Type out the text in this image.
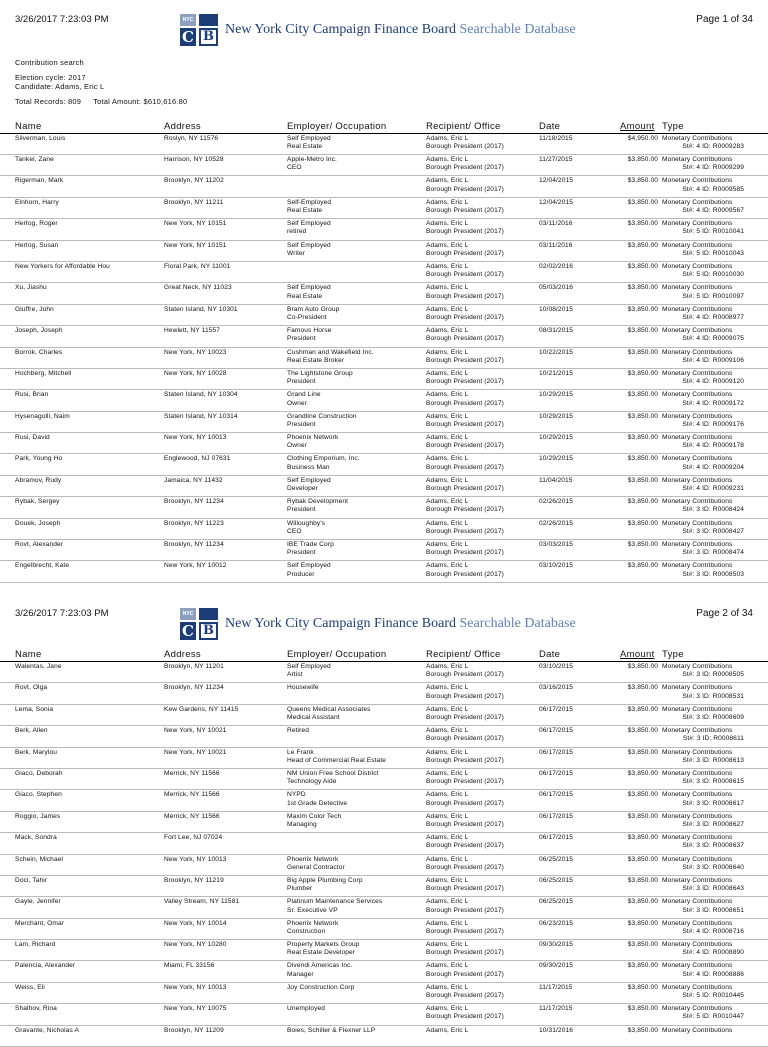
3/26/2017 7:23:03 PM	NYC
C B New York City Campaign Finance Board Searchable Database
Page 1 of 34
Contribution search
Election cycle: 2017
Candidate: Adams, Eric L
Total Records: 809 Total Amount: $610,616.80
Name	Address	Employer/ Occupation	Recipient/ Office	Date	Amount Type
Silverman, Louis	Roslyn, NY 11576	Self Employed
Real Estate
Adams, Eric L
Borough President (2017)
11/18/2015	$4,950.00 Monetary Contributions
St#: 4 ID: R0009283
Tankel, Zane	Harrison, NY 10528	Apple-Metro Inc.
CEO
Adams, Eric L
Borough President (2017)
11/27/2015	$3,850.00 Monetary Contributions
St#: 4 ID: R0009299
Rigerman, Mark	Brooklyn, NY 11202	Adams, Eric L
Borough President (2017)
12/04/2015	$3,850.00 Monetary Contributions
St#: 4 ID: R0009585
Einhorn, Harry	Brooklyn, NY 11211	Self-Employed
Real Estate
Adams, Eric L
Borough President (2017)
12/04/2015	$3,850.00 Monetary Contributions
St#: 4 ID: R0009567
Hertog, Roger	New York, NY 10151	Self Employed
retired
Adams, Eric L
Borough President (2017)
03/11/2016	$3,850.00 Monetary Contributions
St#: 5 ID: R0010041
Hertog, Susan	New York, NY 10151	Self Employed
Writer
Adams, Eric L
Borough President (2017)
03/11/2016	$3,850.00 Monetary Contributions
St#: 5 ID: R0010043
New Yorkers for Affordable Hou	Floral Park, NY 11001	Adams, Eric L
Borough President (2017)
02/02/2016	$3,850.00 Monetary Contributions
St#: 5 ID: R0010030
Xu, Jiashu	Great Neck, NY 11023	Self Employed
Real Estate
Adams, Eric L
Borough President (2017)
05/03/2016	$3,850.00 Monetary Contributions
St#: 5 ID: R0010097
Giuffre, John	Staten Island, NY 10301	Bram Auto Group
Co-President
Adams, Eric L
Borough President (2017)
10/08/2015	$3,850.00 Monetary Contributions
St#: 4 ID: R0008977
Joseph, Joseph	Hewlett, NY 11557	Famous Horse
President
Adams, Eric L
Borough President (2017)
08/31/2015	$3,850.00 Monetary Contributions
St#: 4 ID: R0009075
Borrok, Charles	New York, NY 10023	Cushman and Wakefield Inc.
Real Estate Broker
Adams, Eric L
Borough President (2017)
10/22/2015	$3,850.00 Monetary Contributions
St#: 4 ID: R0009106
Hochberg, Mitchell	New York, NY 10028	The Lightstone Group
President
Adams, Eric L
Borough President (2017)
10/21/2015	$3,850.00 Monetary Contributions
St#: 4 ID: R0009120
Rusi, Brian	Staten Island, NY 10304	Grand Line
Owner
Adams, Eric L
Borough President (2017)
10/29/2015	$3,850.00 Monetary Contributions
St#: 4 ID: R0009172
Hysenagolli, Naim	Staten Island, NY 10314	Grandline Construction
President
Adams, Eric L
Borough President (2017)
10/29/2015	$3,850.00 Monetary Contributions
St#: 4 ID: R0009176
Rusi, David	New York, NY 10013	Phoenix Network
Owner
Adams, Eric L
Borough President (2017)
10/29/2015	$3,850.00 Monetary Contributions
St#: 4 ID: R0009178
Park, Young Ho	Englewood, NJ 07631	Clothing Emporium, Inc.
Business Man
Adams, Eric L
Borough President (2017)
10/29/2015	$3,850.00 Monetary Contributions
St#: 4 ID: R0009204
Abramov, Rudy	Jamaica, NY 11432	Self Employed
Developer
Adams, Eric L
Borough President (2017)
11/04/2015	$3,850.00 Monetary Contributions
St#: 4 ID: R0009231
Rybak, Sergey	Brooklyn, NY 11234	Rybak Development
President
Adams, Eric L
Borough President (2017)
02/26/2015	$3,850.00 Monetary Contributions
St#: 3 ID: R0008424
Douek, Joseph	Brooklyn, NY 11223	Willoughby's
CEO
Adams, Eric L
Borough President (2017)
02/26/2015	$3,850.00 Monetary Contributions
St#: 3 ID: R0008427
Rovt, Alexander	Brooklyn, NY 11234	IBE Trade Corp
President
Adams, Eric L
Borough President (2017)
03/03/2015	$3,850.00 Monetary Contributions
St#: 3 ID: R0008474
Engelbrecht, Kate	New York, NY 10012	Self Employed
Producer
Adams, Eric L
Borough President (2017)
03/10/2015	$3,850.00 Monetary Contributions
St#: 3 ID: R0008503
3/26/2017 7:23:03 PM	NYC
C B New York City Campaign Finance Board Searchable Database
Page 2 of 34
Name	Address	Employer/ Occupation	Recipient/ Office	Date	Amount Type
Walentas, Jane	Brooklyn, NY 11201	Self Employed
Artist
Adams, Eric L
Borough President (2017)
03/10/2015	$3,850.00 Monetary Contributions
St#: 3 ID: R0008505
Rovt, Olga	Brooklyn, NY 11234	Housewife	Adams, Eric L
Borough President (2017)
03/16/2015	$3,850.00 Monetary Contributions
St#: 3 ID: R0008531
Lema, Sonia	Kew Gardens, NY 11415	Queens Medical Associates
Medical Assistant
Adams, Eric L
Borough President (2017)
06/17/2015	$3,850.00 Monetary Contributions
St#: 3 ID: R0008609
Berk, Allen	New York, NY 10021	Retired	Adams, Eric L
Borough President (2017)
06/17/2015	$3,850.00 Monetary Contributions
St#: 3 ID: R0008611
Berk, Marylou	New York, NY 10021	Le Frank
Head of Commercial Real Estate
Adams, Eric L
Borough President (2017)
06/17/2015	$3,850.00 Monetary Contributions
St#: 3 ID: R0008613
Giaco, Deborah	Merrick, NY 11566	NM Union Free School District
Technology Aide
Adams, Eric L
Borough President (2017)
06/17/2015	$3,850.00 Monetary Contributions
St#: 3 ID: R0008615
Giaco, Stephen	Merrick, NY 11566	NYPD
1st Grade Detective
Adams, Eric L
Borough President (2017)
06/17/2015	$3,850.00 Monetary Contributions
St#: 3 ID: R0008617
Roggio, James	Merrick, NY 11566	Maxim Color Tech
Managing
Adams, Eric L
Borough President (2017)
06/17/2015	$3,850.00 Monetary Contributions
St#: 3 ID: R0008627
Mack, Sondra	Fort Lee, NJ 07024	Adams, Eric L
Borough President (2017)
06/17/2015	$3,850.00 Monetary Contributions
St#: 3 ID: R0008637
Schein, Michael	New York, NY 10013	Phoenix Network
General Contractor
Adams, Eric L
Borough President (2017)
06/25/2015	$3,850.00 Monetary Contributions
St#: 3 ID: R0008640
Doci, Tahir	Brooklyn, NY 11219	Big Apple Plumbing Corp
Plumber
Adams, Eric L
Borough President (2017)
06/25/2015	$3,850.00 Monetary Contributions
St#: 3 ID: R0008643
Gayle, Jennifer	Valley Stream, NY 11581	Platinum Maintenance Services
Sr. Executive VP
Adams, Eric L
Borough President (2017)
06/25/2015	$3,850.00 Monetary Contributions
St#: 3 ID: R0008651
Merchant, Omar	New York, NY 10014	Phoenix Network
Construction
Adams, Eric L
Borough President (2017)
06/23/2015	$3,850.00 Monetary Contributions
St#: 4 ID: R0008716
Lam, Richard	New York, NY 10280	Property Markets Group
Real Estate Developer
Adams, Eric L
Borough President (2017)
09/30/2015	$3,850.00 Monetary Contributions
St#: 4 ID: R0008890
Palencia, Alexander	Miami, FL 33156	Divendi Americas Inc.
Manager
Adams, Eric L
Borough President (2017)
09/30/2015	$3,850.00 Monetary Contributions
St#: 4 ID: R0008886
Weiss, Eli	New York, NY 10013	Joy Construction Corp	Adams, Eric L
Borough President (2017)
11/17/2015	$3,850.00 Monetary Contributions
St#: 5 ID: R0010445
Shalhov, Rina	New York, NY 10075	Unemployed	Adams, Eric L
Borough President (2017)
11/17/2015	$3,850.00 Monetary Contributions
St#: 5 ID: R0010447
Gravante, Nicholas A	Brooklyn, NY 11209	Boies, Schiller & Flexner LLP	Adams, Eric L	10/31/2016	$3,850.00 Monetary Contributions
